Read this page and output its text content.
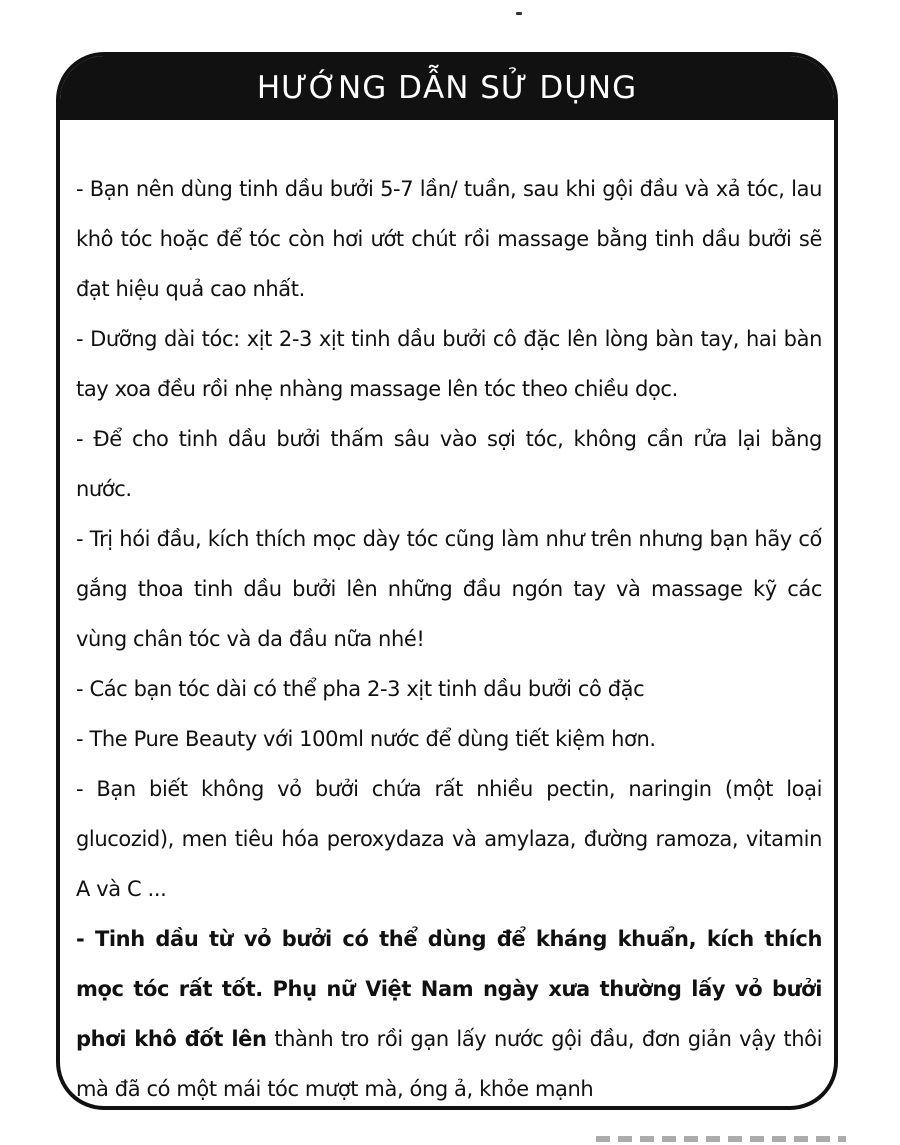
HƯỚNG DẪN SỬ DỤNG

- Bạn nên dùng tinh dầu bưởi 5-7 lần/ tuần, sau khi gội đầu và xả tóc, lau khô tóc hoặc để tóc còn hơi ướt chút rồi massage bằng tinh dầu bưởi sẽ đạt hiệu quả cao nhất.

- Dưỡng dài tóc: xịt 2-3 xịt tinh dầu bưởi cô đặc lên lòng bàn tay, hai bàn tay xoa đều rồi nhẹ nhàng massage lên tóc theo chiều dọc.

- Để cho tinh dầu bưởi thấm sâu vào sợi tóc, không cần rửa lại bằng nước.

- Trị hói đầu, kích thích mọc dày tóc cũng làm như trên nhưng bạn hãy cố gắng thoa tinh dầu bưởi lên những đầu ngón tay và massage kỹ các vùng chân tóc và da đầu nữa nhé!

- Các bạn tóc dài có thể pha 2-3 xịt tinh dầu bưởi cô đặc

- The Pure Beauty với 100ml nước để dùng tiết kiệm hơn.

- Bạn biết không vỏ bưởi chứa rất nhiều pectin, naringin (một loại glucozid), men tiêu hóa peroxydaza và amylaza, đường ramoza, vitamin A và C ...

- Tinh dầu từ vỏ bưởi có thể dùng để kháng khuẩn, kích thích mọc tóc rất tốt. Phụ nữ Việt Nam ngày xưa thường lấy vỏ bưởi phơi khô đốt lên thành tro rồi gạn lấy nước gội đầu, đơn giản vậy thôi mà đã có một mái tóc mượt mà, óng ả, khỏe mạnh
